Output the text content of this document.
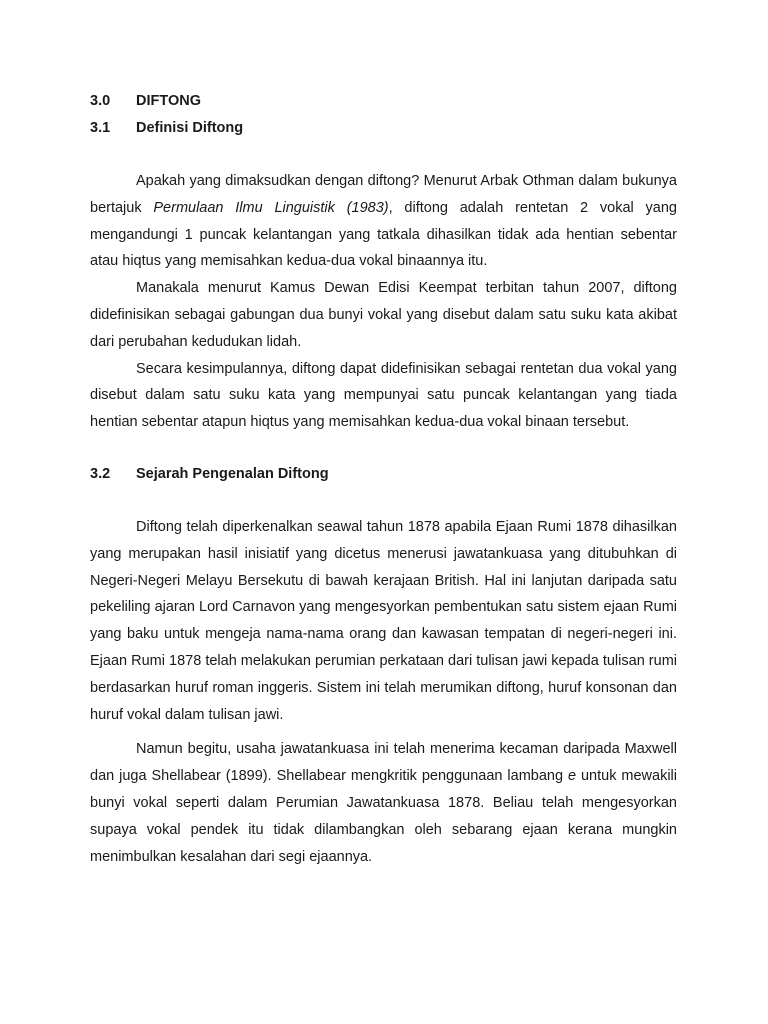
3.0	DIFTONG
3.1	Definisi Diftong

Apakah yang dimaksudkan dengan diftong? Menurut Arbak Othman dalam bukunya bertajuk Permulaan Ilmu Linguistik (1983), diftong adalah rentetan 2 vokal yang mengandungi 1 puncak kelantangan yang tatkala dihasilkan tidak ada hentian sebentar atau hiqtus yang memisahkan kedua-dua vokal binaannya itu.

Manakala menurut Kamus Dewan Edisi Keempat terbitan tahun 2007, diftong didefinisikan sebagai gabungan dua bunyi vokal yang disebut dalam satu suku kata akibat dari perubahan kedudukan lidah.

Secara kesimpulannya, diftong dapat didefinisikan sebagai rentetan dua vokal yang disebut dalam satu suku kata yang mempunyai satu puncak kelantangan yang tiada hentian sebentar atapun hiqtus yang memisahkan kedua-dua vokal binaan tersebut.

3.2	Sejarah Pengenalan Diftong

Diftong telah diperkenalkan seawal tahun 1878 apabila Ejaan Rumi 1878 dihasilkan yang merupakan hasil inisiatif yang dicetus menerusi jawatankuasa yang ditubuhkan di Negeri-Negeri Melayu Bersekutu di bawah kerajaan British. Hal ini lanjutan daripada satu pekeliling ajaran Lord Carnavon yang mengesyorkan pembentukan satu sistem ejaan Rumi yang baku untuk mengeja nama-nama orang dan kawasan tempatan di negeri-negeri ini. Ejaan Rumi 1878 telah melakukan perumian perkataan dari tulisan jawi kepada tulisan rumi berdasarkan huruf roman inggeris. Sistem ini telah merumikan diftong, huruf konsonan dan huruf vokal dalam tulisan jawi.

Namun begitu, usaha jawatankuasa ini telah menerima kecaman daripada Maxwell dan juga Shellabear (1899). Shellabear mengkritik penggunaan lambang e untuk mewakili bunyi vokal seperti dalam Perumian Jawatankuasa 1878. Beliau telah mengesyorkan supaya vokal pendek itu tidak dilambangkan oleh sebarang ejaan kerana mungkin menimbulkan kesalahan dari segi ejaannya.
